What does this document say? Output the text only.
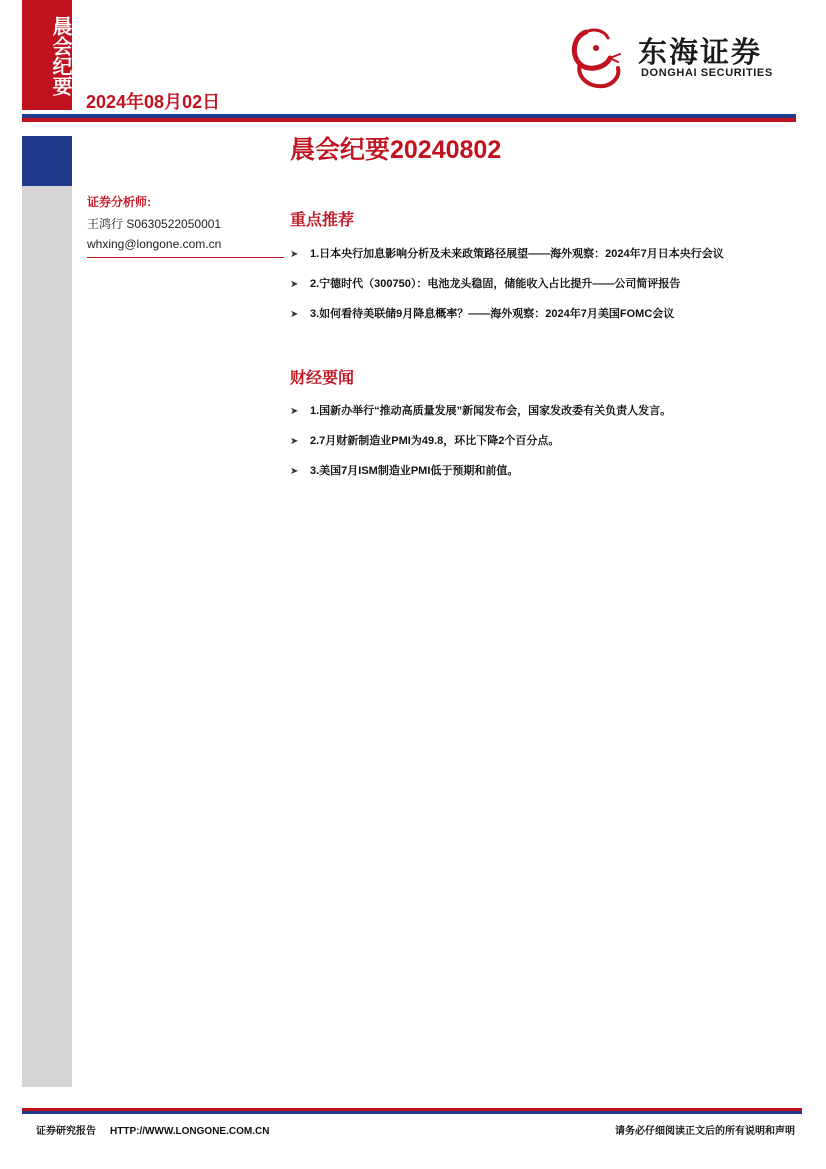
晨会纪要
2024年08月02日
东海证券
DONGHAI SECURITIES
晨会纪要20240802
证券分析师:
王鸿行 S0630522050001
whxing@longone.com.cn
重点推荐
➤ 1.日本央行加息影响分析及未来政策路径展望——海外观察：2024年7月日本央行会议
➤ 2.宁德时代（300750）：电池龙头稳固，储能收入占比提升——公司简评报告
➤ 3.如何看待美联储9月降息概率？——海外观察：2024年7月美国FOMC会议
财经要闻
➤ 1.国新办举行“推动高质量发展”新闻发布会，国家发改委有关负责人发言。
➤ 2.7月财新制造业PMI为49.8，环比下降2个百分点。
➤ 3.美国7月ISM制造业PMI低于预期和前值。
证券研究报告 HTTP://WWW.LONGONE.COM.CN	请务必仔细阅读正文后的所有说明和声明
